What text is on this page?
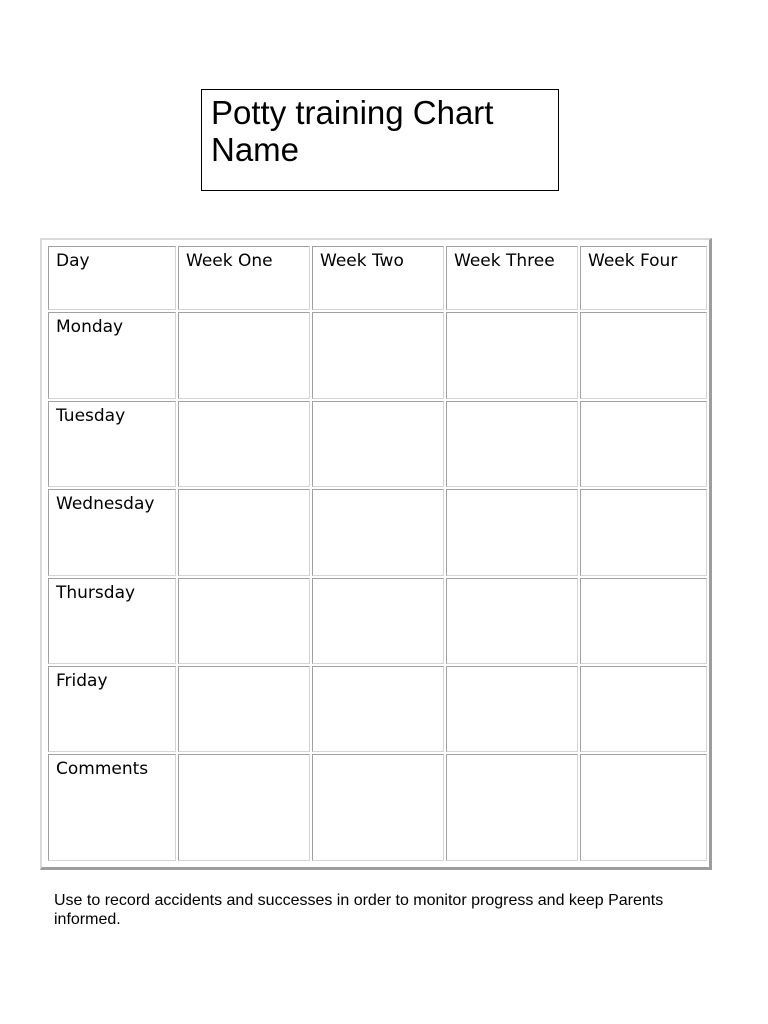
Potty training Chart

Name

Day	Week One	Week Two	Week Three	Week Four
Monday				
Tuesday				
Wednesday				
Thursday				
Friday				
Comments				
Use to record accidents and successes in order to monitor progress and keep Parents informed.
